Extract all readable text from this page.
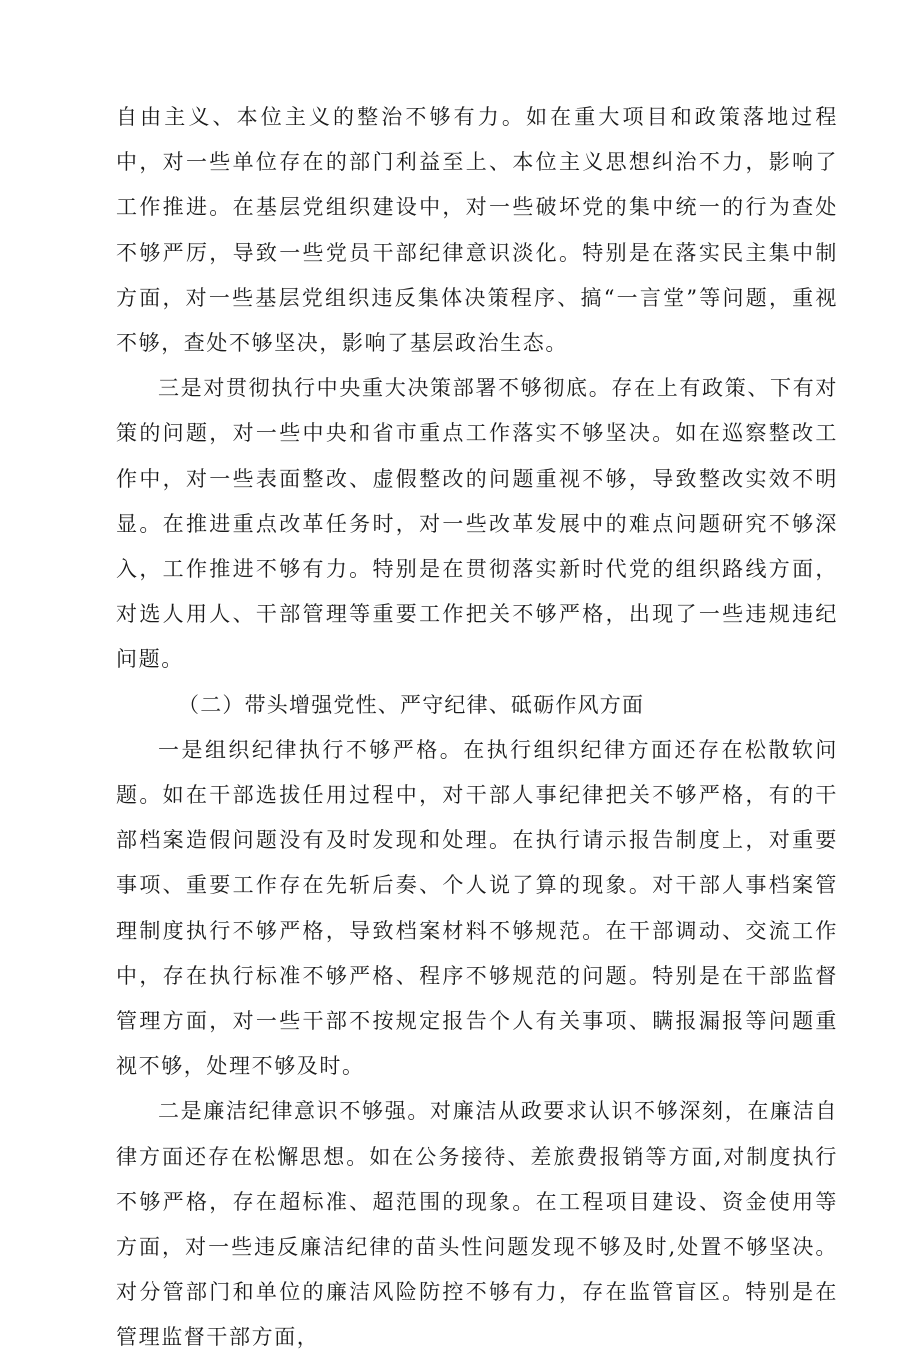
自由主义、本位主义的整治不够有力。如在重大项目和政策落地过程中，对一些单位存在的部门利益至上、本位主义思想纠治不力，影响了工作推进。在基层党组织建设中，对一些破坏党的集中统一的行为查处不够严厉，导致一些党员干部纪律意识淡化。特别是在落实民主集中制方面，对一些基层党组织违反集体决策程序、搞“一言堂”等问题，重视不够，查处不够坚决，影响了基层政治生态。

三是对贯彻执行中央重大决策部署不够彻底。存在上有政策、下有对策的问题，对一些中央和省市重点工作落实不够坚决。如在巡察整改工作中，对一些表面整改、虚假整改的问题重视不够，导致整改实效不明显。在推进重点改革任务时，对一些改革发展中的难点问题研究不够深入，工作推进不够有力。特别是在贯彻落实新时代党的组织路线方面，对选人用人、干部管理等重要工作把关不够严格，出现了一些违规违纪问题。

（二）带头增强党性、严守纪律、砥砺作风方面

一是组织纪律执行不够严格。在执行组织纪律方面还存在松散软问题。如在干部选拔任用过程中，对干部人事纪律把关不够严格，有的干部档案造假问题没有及时发现和处理。在执行请示报告制度上，对重要事项、重要工作存在先斩后奏、个人说了算的现象。对干部人事档案管理制度执行不够严格，导致档案材料不够规范。在干部调动、交流工作中，存在执行标准不够严格、程序不够规范的问题。特别是在干部监督管理方面，对一些干部不按规定报告个人有关事项、瞒报漏报等问题重视不够，处理不够及时。

二是廉洁纪律意识不够强。对廉洁从政要求认识不够深刻，在廉洁自律方面还存在松懈思想。如在公务接待、差旅费报销等方面,对制度执行不够严格，存在超标准、超范围的现象。在工程项目建设、资金使用等方面，对一些违反廉洁纪律的苗头性问题发现不够及时,处置不够坚决。对分管部门和单位的廉洁风险防控不够有力，存在监管盲区。特别是在管理监督干部方面，
